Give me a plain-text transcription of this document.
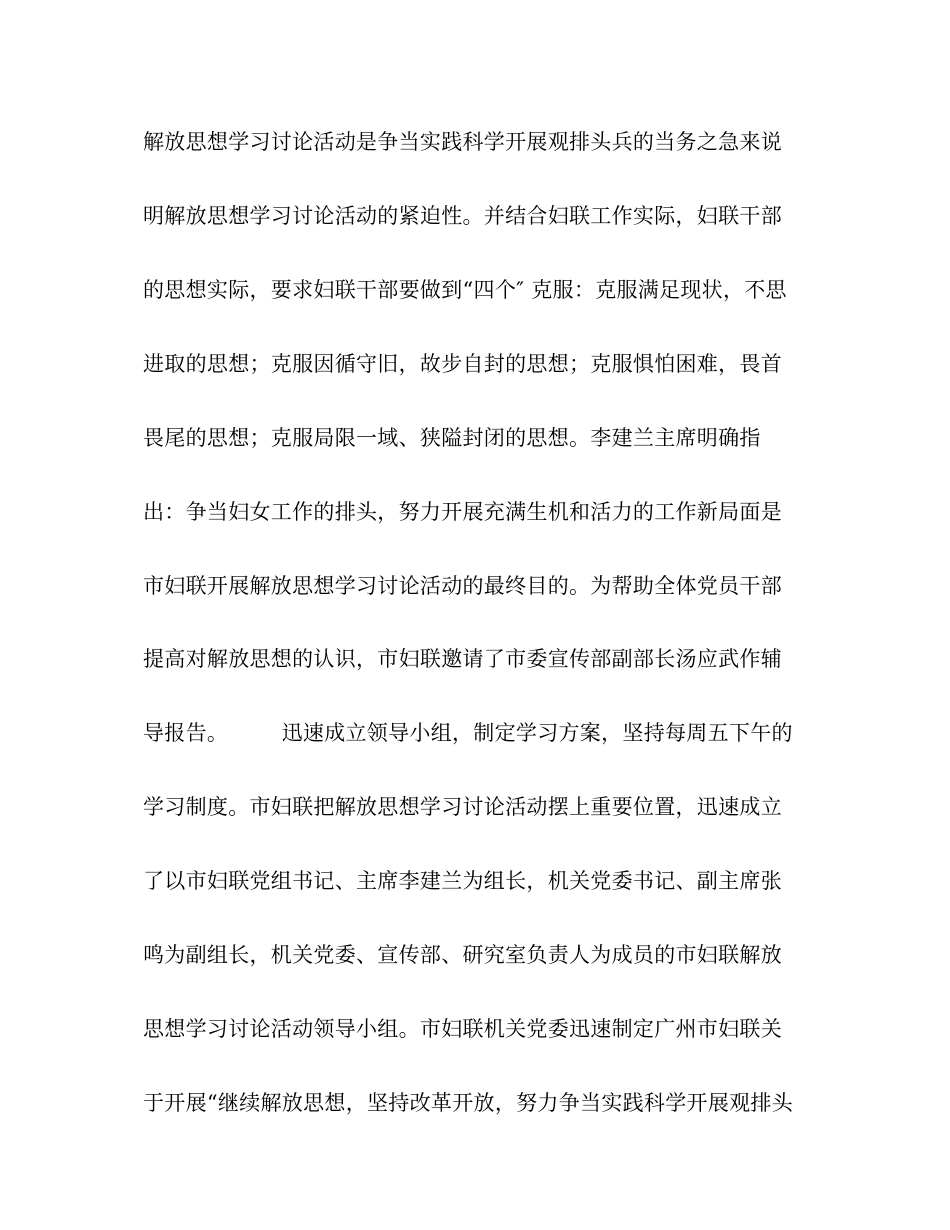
解放思想学习讨论活动是争当实践科学开展观排头兵的当务之急来说
明解放思想学习讨论活动的紧迫性。并结合妇联工作实际，妇联干部
的思想实际，要求妇联干部要做到“四个″ 克服：克服满足现状，不思
进取的思想；克服因循守旧，故步自封的思想；克服惧怕困难，畏首
畏尾的思想；克服局限一域、狭隘封闭的思想。李建兰主席明确指
出：争当妇女工作的排头，努力开展充满生机和活力的工作新局面是
市妇联开展解放思想学习讨论活动的最终目的。为帮助全体党员干部
提高对解放思想的认识，市妇联邀请了市委宣传部副部长汤应武作辅
导报告。　　　迅速成立领导小组，制定学习方案，坚持每周五下午的
学习制度。市妇联把解放思想学习讨论活动摆上重要位置，迅速成立
了以市妇联党组书记、主席李建兰为组长，机关党委书记、副主席张
鸣为副组长，机关党委、宣传部、研究室负责人为成员的市妇联解放
思想学习讨论活动领导小组。市妇联机关党委迅速制定广州市妇联关
于开展“继续解放思想，坚持改革开放，努力争当实践科学开展观排头
